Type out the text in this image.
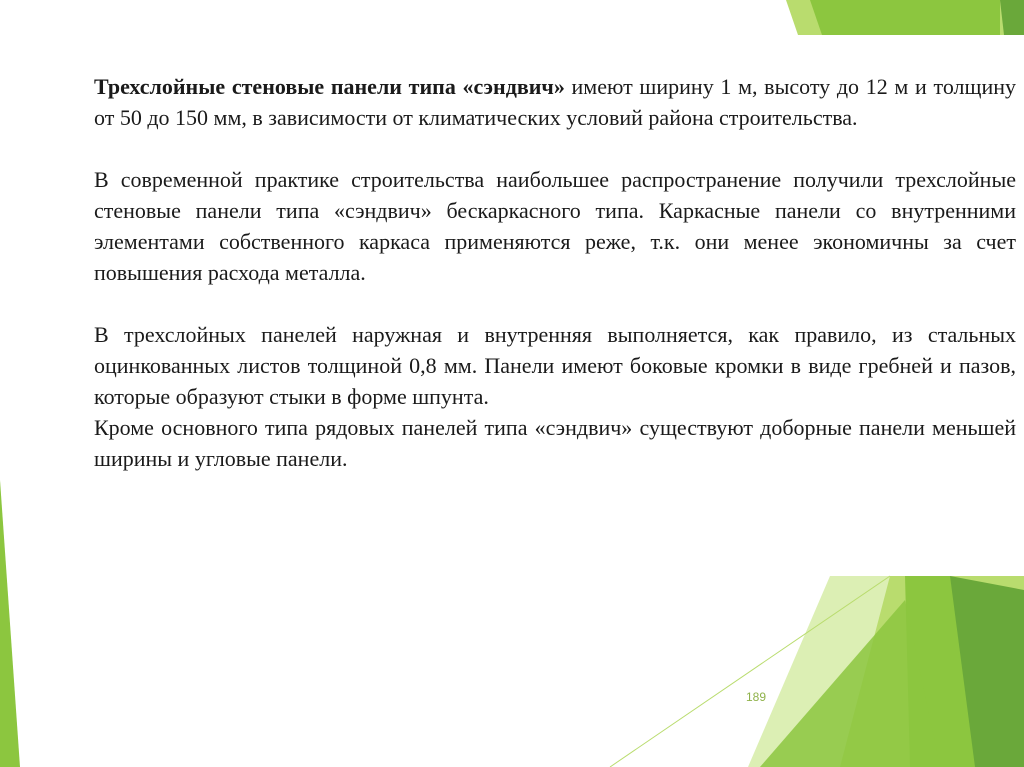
Трехслойные стеновые панели типа «сэндвич» имеют ширину 1 м, высоту до 12 м и толщину от 50 до 150 мм, в зависимости от климатических условий района строительства.

В современной практике строительства наибольшее распространение получили трехслойные стеновые панели типа «сэндвич» бескаркасного типа. Каркасные панели со внутренними элементами собственного каркаса применяются реже, т.к. они менее экономичны за счет повышения расхода металла.

В трехслойных панелей наружная и внутренняя выполняется, как правило, из стальных оцинкованных листов толщиной 0,8 мм. Панели имеют боковые кромки в виде гребней и пазов, которые образуют стыки в форме шпунта.

Кроме основного типа рядовых панелей типа «сэндвич» существуют доборные панели меньшей ширины и угловые панели.

189
